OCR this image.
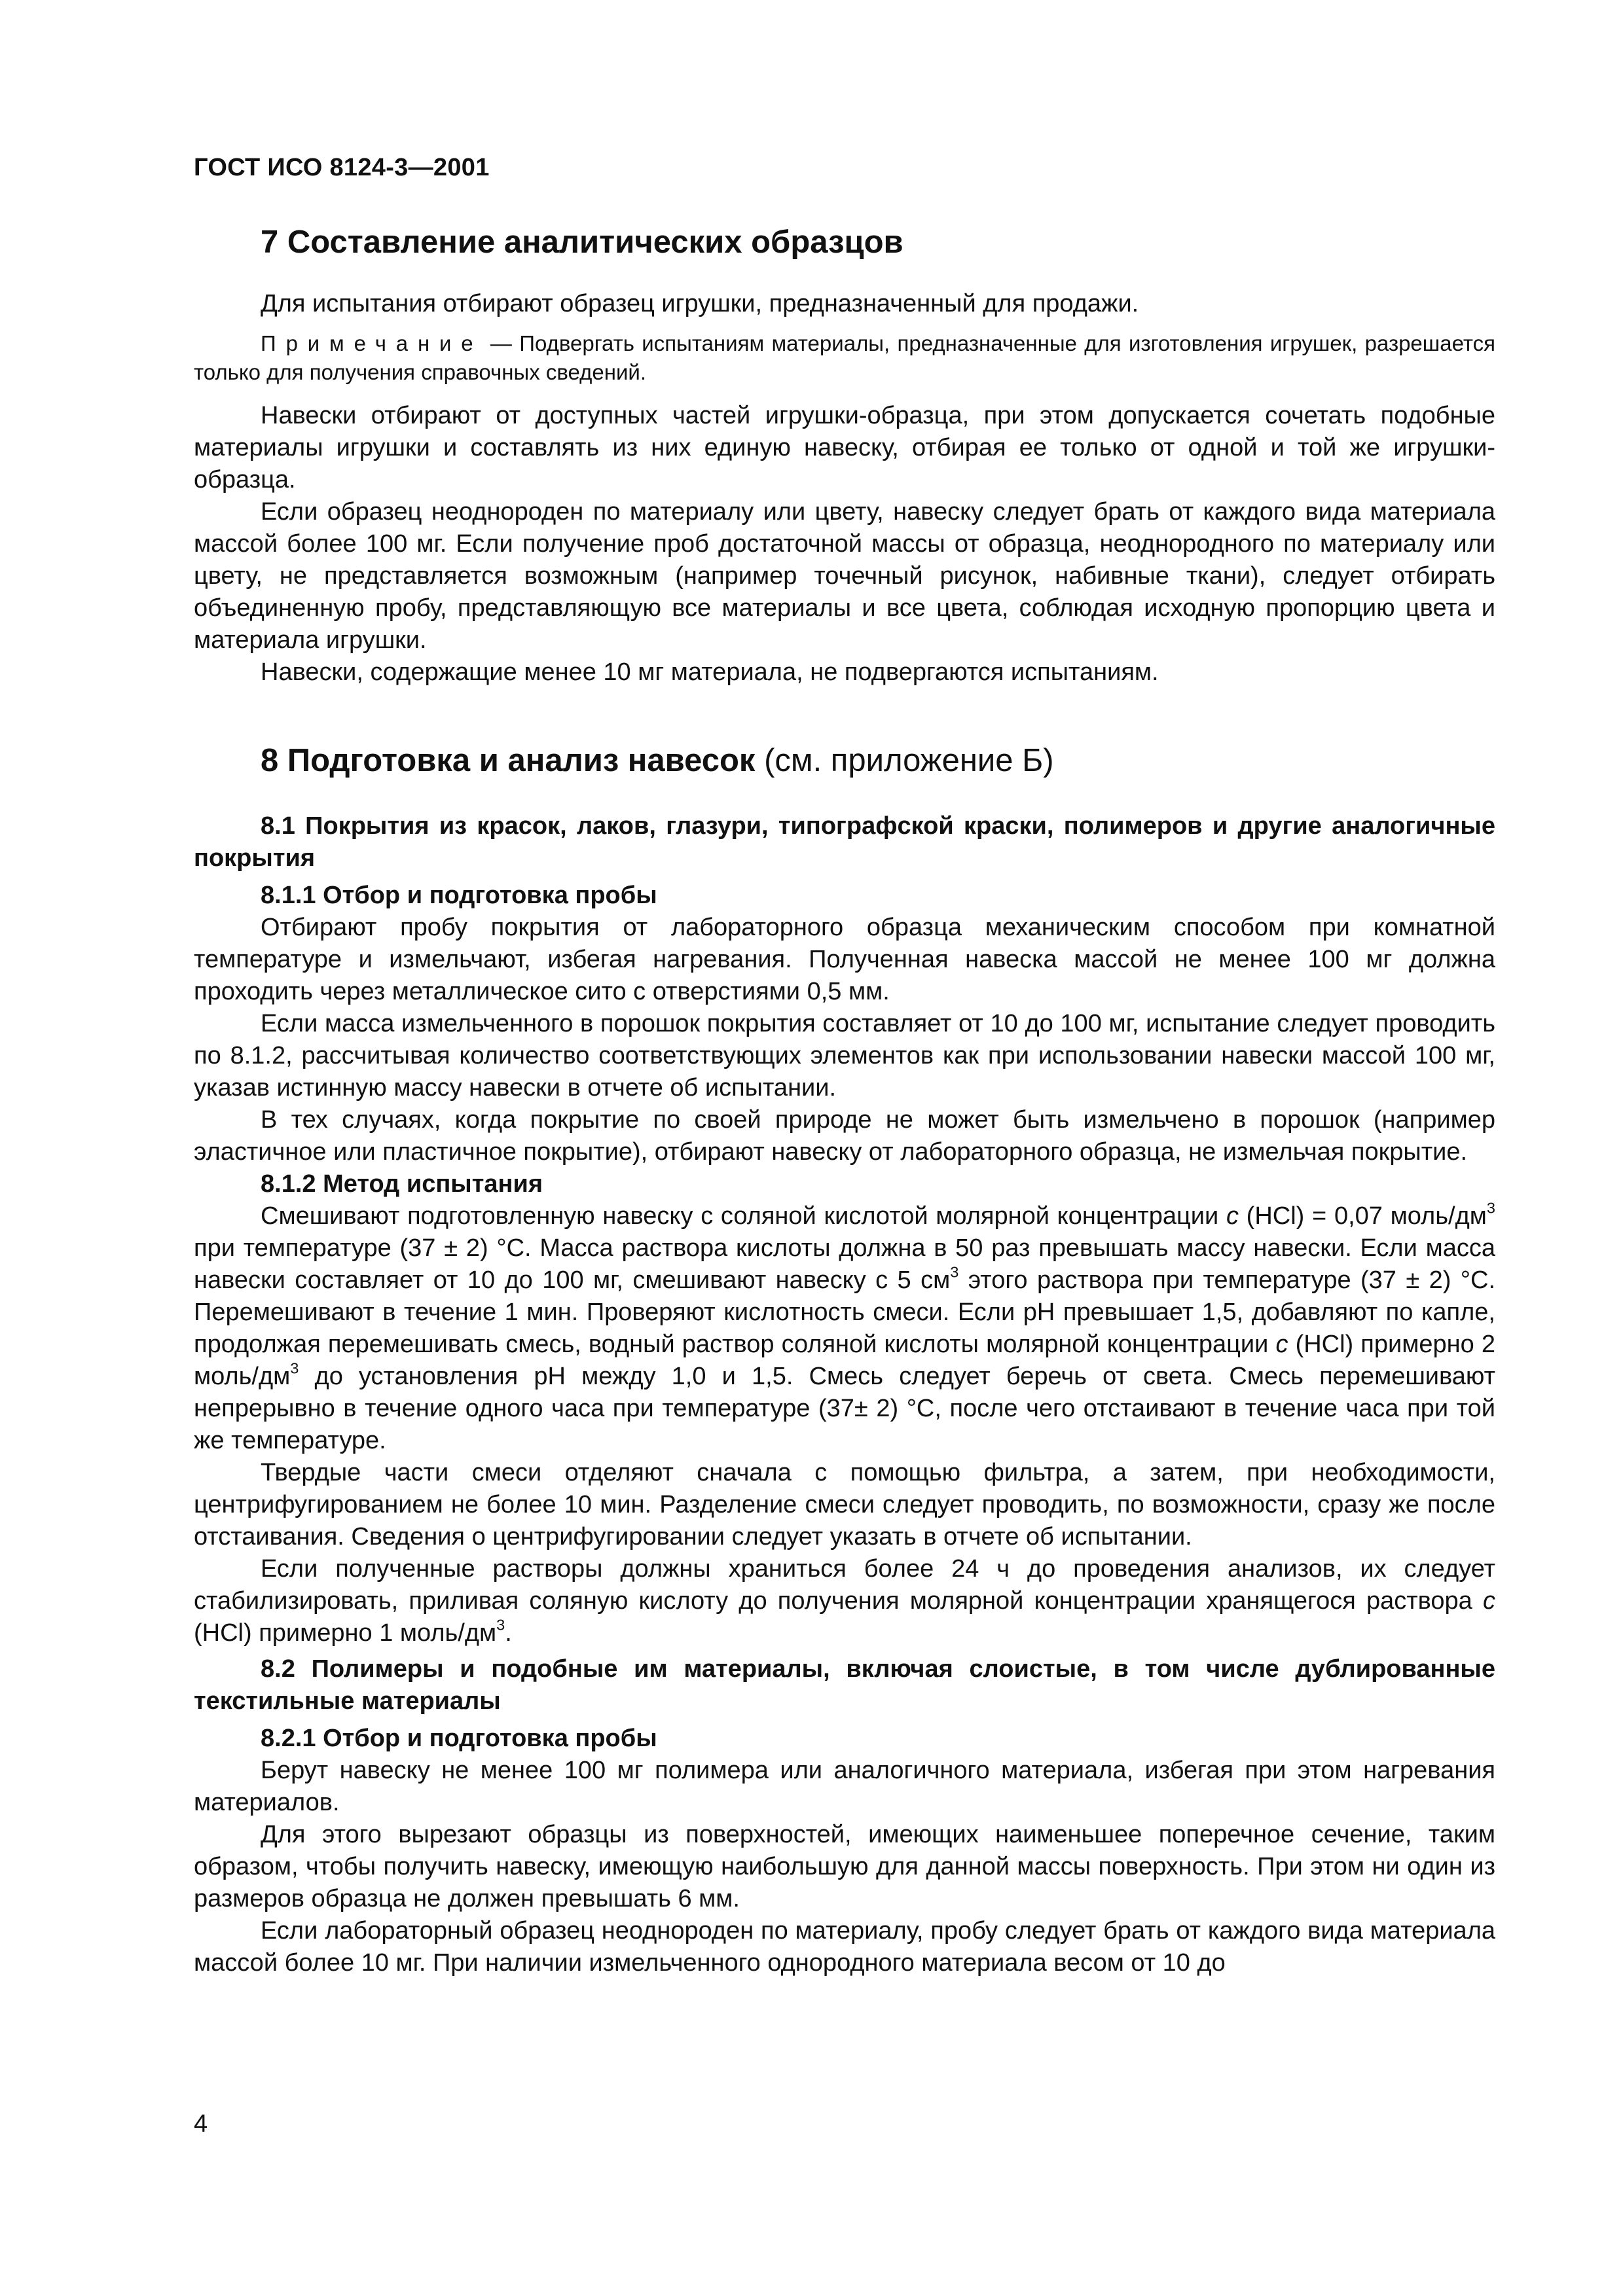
ГОСТ ИСО 8124-3—2001
7 Составление аналитических образцов

Для испытания отбирают образец игрушки, предназначенный для продажи.

Примечание — Подвергать испытаниям материалы, предназначенные для изготовления игрушек, разрешается только для получения справочных сведений.

Навески отбирают от доступных частей игрушки-образца, при этом допускается сочетать подобные материалы игрушки и составлять из них единую навеску, отбирая ее только от одной и той же игрушки-образца.

Если образец неоднороден по материалу или цвету, навеску следует брать от каждого вида материала массой более 100 мг. Если получение проб достаточной массы от образца, неоднородного по материалу или цвету, не представляется возможным (например точечный рисунок, набивные ткани), следует отбирать объединенную пробу, представляющую все материалы и все цвета, соблюдая исходную пропорцию цвета и материала игрушки.

Навески, содержащие менее 10 мг материала, не подвергаются испытаниям.

8 Подготовка и анализ навесок (см. приложение Б)

8.1 Покрытия из красок, лаков, глазури, типографской краски, полимеров и другие аналогичные покрытия

8.1.1 Отбор и подготовка пробы

Отбирают пробу покрытия от лабораторного образца механическим способом при комнатной температуре и измельчают, избегая нагревания. Полученная навеска массой не менее 100 мг должна проходить через металлическое сито с отверстиями 0,5 мм.

Если масса измельченного в порошок покрытия составляет от 10 до 100 мг, испытание следует проводить по 8.1.2, рассчитывая количество соответствующих элементов как при использовании навески массой 100 мг, указав истинную массу навески в отчете об испытании.

В тех случаях, когда покрытие по своей природе не может быть измельчено в порошок (например эластичное или пластичное покрытие), отбирают навеску от лабораторного образца, не измельчая покрытие.

8.1.2 Метод испытания

Смешивают подготовленную навеску с соляной кислотой молярной концентрации c (HCl) = 0,07 моль/$дм^3$ при температуре (37 ± 2) °С. Масса раствора кислоты должна в 50 раз превышать массу навески. Если масса навески составляет от 10 до 100 мг, смешивают навеску с 5 $см^3$ этого раствора при температуре (37 ± 2) °С. Перемешивают в течение 1 мин. Проверяют кислотность смеси. Если pH превышает 1,5, добавляют по капле, продолжая перемешивать смесь, водный раствор соляной кислоты молярной концентрации c (HCl) примерно 2 моль/$дм^3$ до установления pH между 1,0 и 1,5. Смесь следует беречь от света. Смесь перемешивают непрерывно в течение одного часа при температуре (37± 2) °С, после чего отстаивают в течение часа при той же температуре.

Твердые части смеси отделяют сначала с помощью фильтра, а затем, при необходимости, центрифугированием не более 10 мин. Разделение смеси следует проводить, по возможности, сразу же после отстаивания. Сведения о центрифугировании следует указать в отчете об испытании.

Если полученные растворы должны храниться более 24 ч до проведения анализов, их следует стабилизировать, приливая соляную кислоту до получения молярной концентрации хранящегося раствора c (HCl) примерно 1 моль/$дм^3$.

8.2 Полимеры и подобные им материалы, включая слоистые, в том числе дублированные текстильные материалы

8.2.1 Отбор и подготовка пробы

Берут навеску не менее 100 мг полимера или аналогичного материала, избегая при этом нагревания материалов.

Для этого вырезают образцы из поверхностей, имеющих наименьшее поперечное сечение, таким образом, чтобы получить навеску, имеющую наибольшую для данной массы поверхность. При этом ни один из размеров образца не должен превышать 6 мм.

Если лабораторный образец неоднороден по материалу, пробу следует брать от каждого вида материала массой более 10 мг. При наличии измельченного однородного материала весом от 10 до

4
